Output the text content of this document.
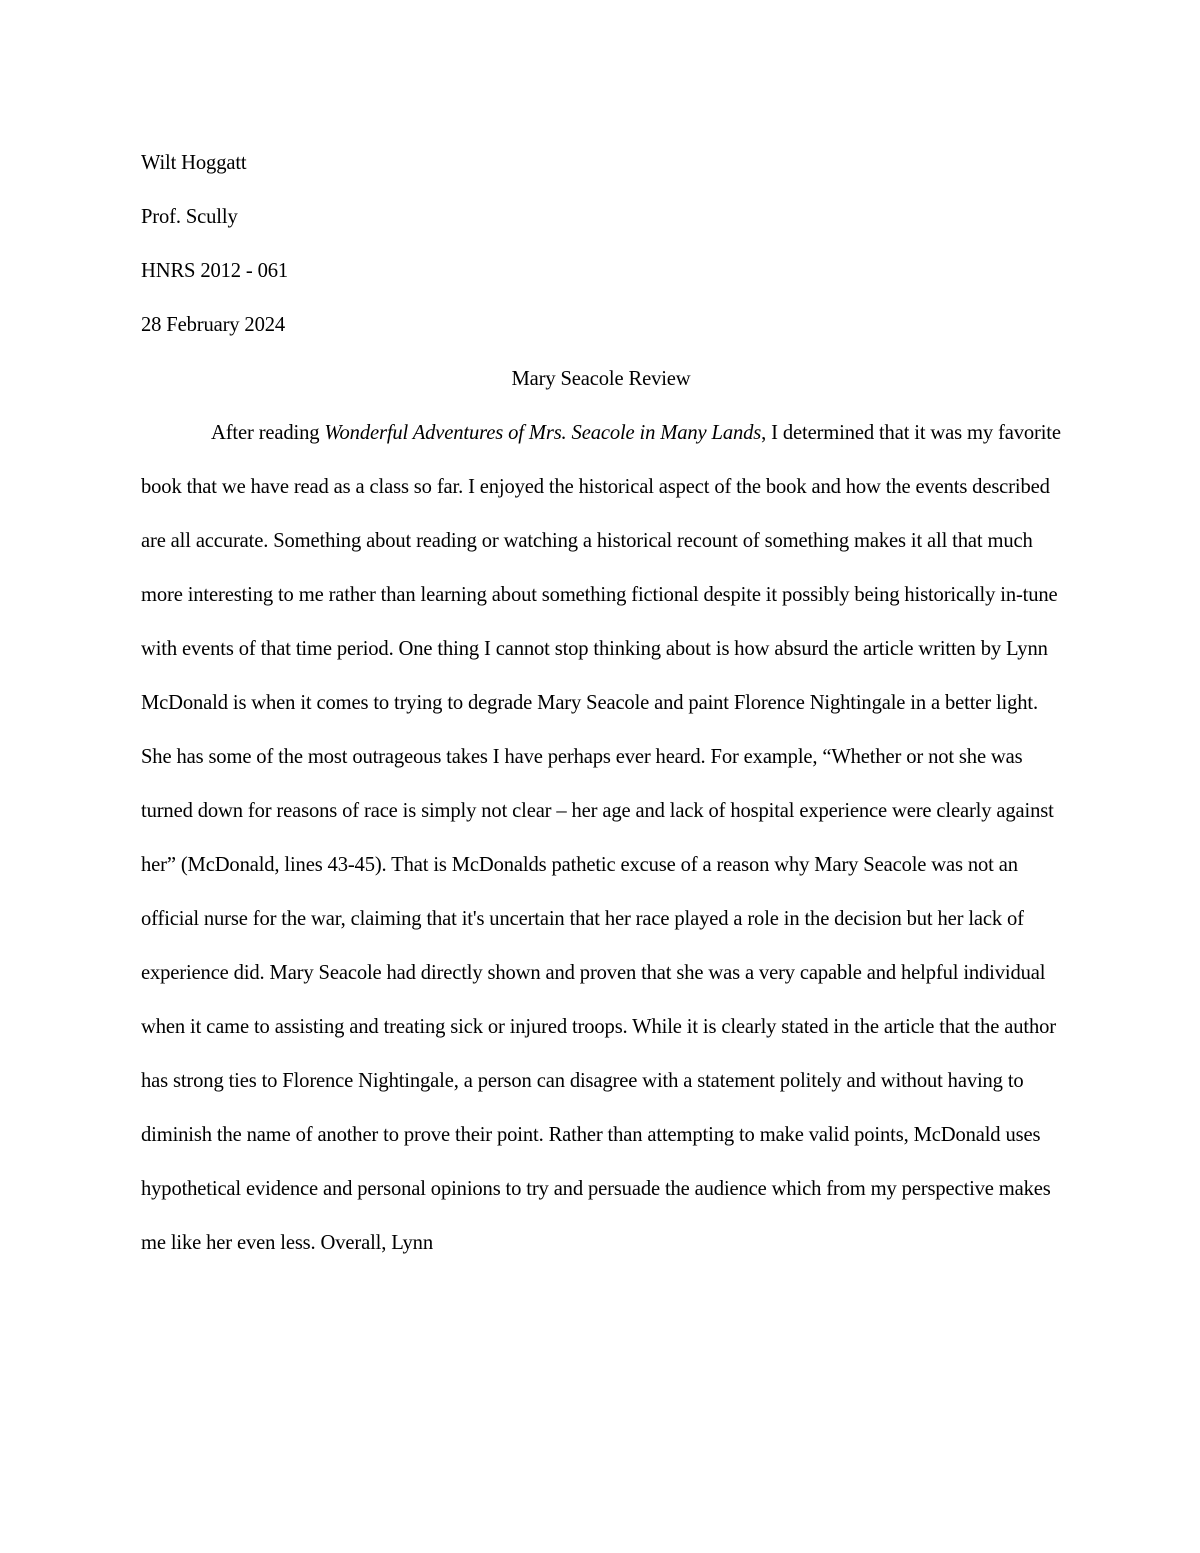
Wilt Hoggatt
Prof. Scully
HNRS 2012 - 061
28 February 2024
Mary Seacole Review

After reading Wonderful Adventures of Mrs. Seacole in Many Lands, I determined that it was my favorite book that we have read as a class so far. I enjoyed the historical aspect of the book and how the events described are all accurate. Something about reading or watching a historical recount of something makes it all that much more interesting to me rather than learning about something fictional despite it possibly being historically in-tune with events of that time period. One thing I cannot stop thinking about is how absurd the article written by Lynn McDonald is when it comes to trying to degrade Mary Seacole and paint Florence Nightingale in a better light. She has some of the most outrageous takes I have perhaps ever heard. For example, “Whether or not she was turned down for reasons of race is simply not clear – her age and lack of hospital experience were clearly against her” (McDonald, lines 43-45). That is McDonalds pathetic excuse of a reason why Mary Seacole was not an official nurse for the war, claiming that it's uncertain that her race played a role in the decision but her lack of experience did. Mary Seacole had directly shown and proven that she was a very capable and helpful individual when it came to assisting and treating sick or injured troops. While it is clearly stated in the article that the author has strong ties to Florence Nightingale, a person can disagree with a statement politely and without having to diminish the name of another to prove their point. Rather than attempting to make valid points, McDonald uses hypothetical evidence and personal opinions to try and persuade the audience which from my perspective makes me like her even less. Overall, Lynn
